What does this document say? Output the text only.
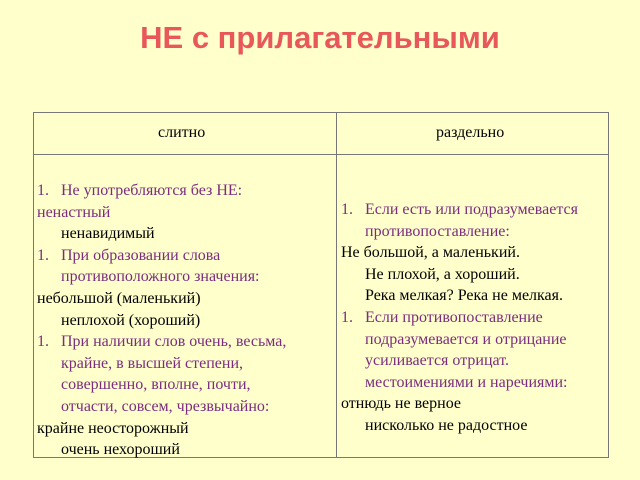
НЕ с прилагательными
слитно	раздельно
1. Не употребляются без НЕ:
ненастный
ненавидимый
1. При образовании слова
противоположного значения:
небольшой (маленький)
неплохой (хороший)
1. При наличии слов очень, весьма,
крайне, в высшей степени,
совершенно, вполне, почти,
отчасти, совсем, чрезвычайно:
крайне неосторожный
очень нехороший
1. Если есть или подразумевается
противопоставление:
Не большой, а маленький.
Не плохой, а хороший.
Река мелкая? Река не мелкая.
1. Если противопоставление
подразумевается и отрицание
усиливается отрицат.
местоимениями и наречиями:
отнюдь не верное
нисколько не радостное
